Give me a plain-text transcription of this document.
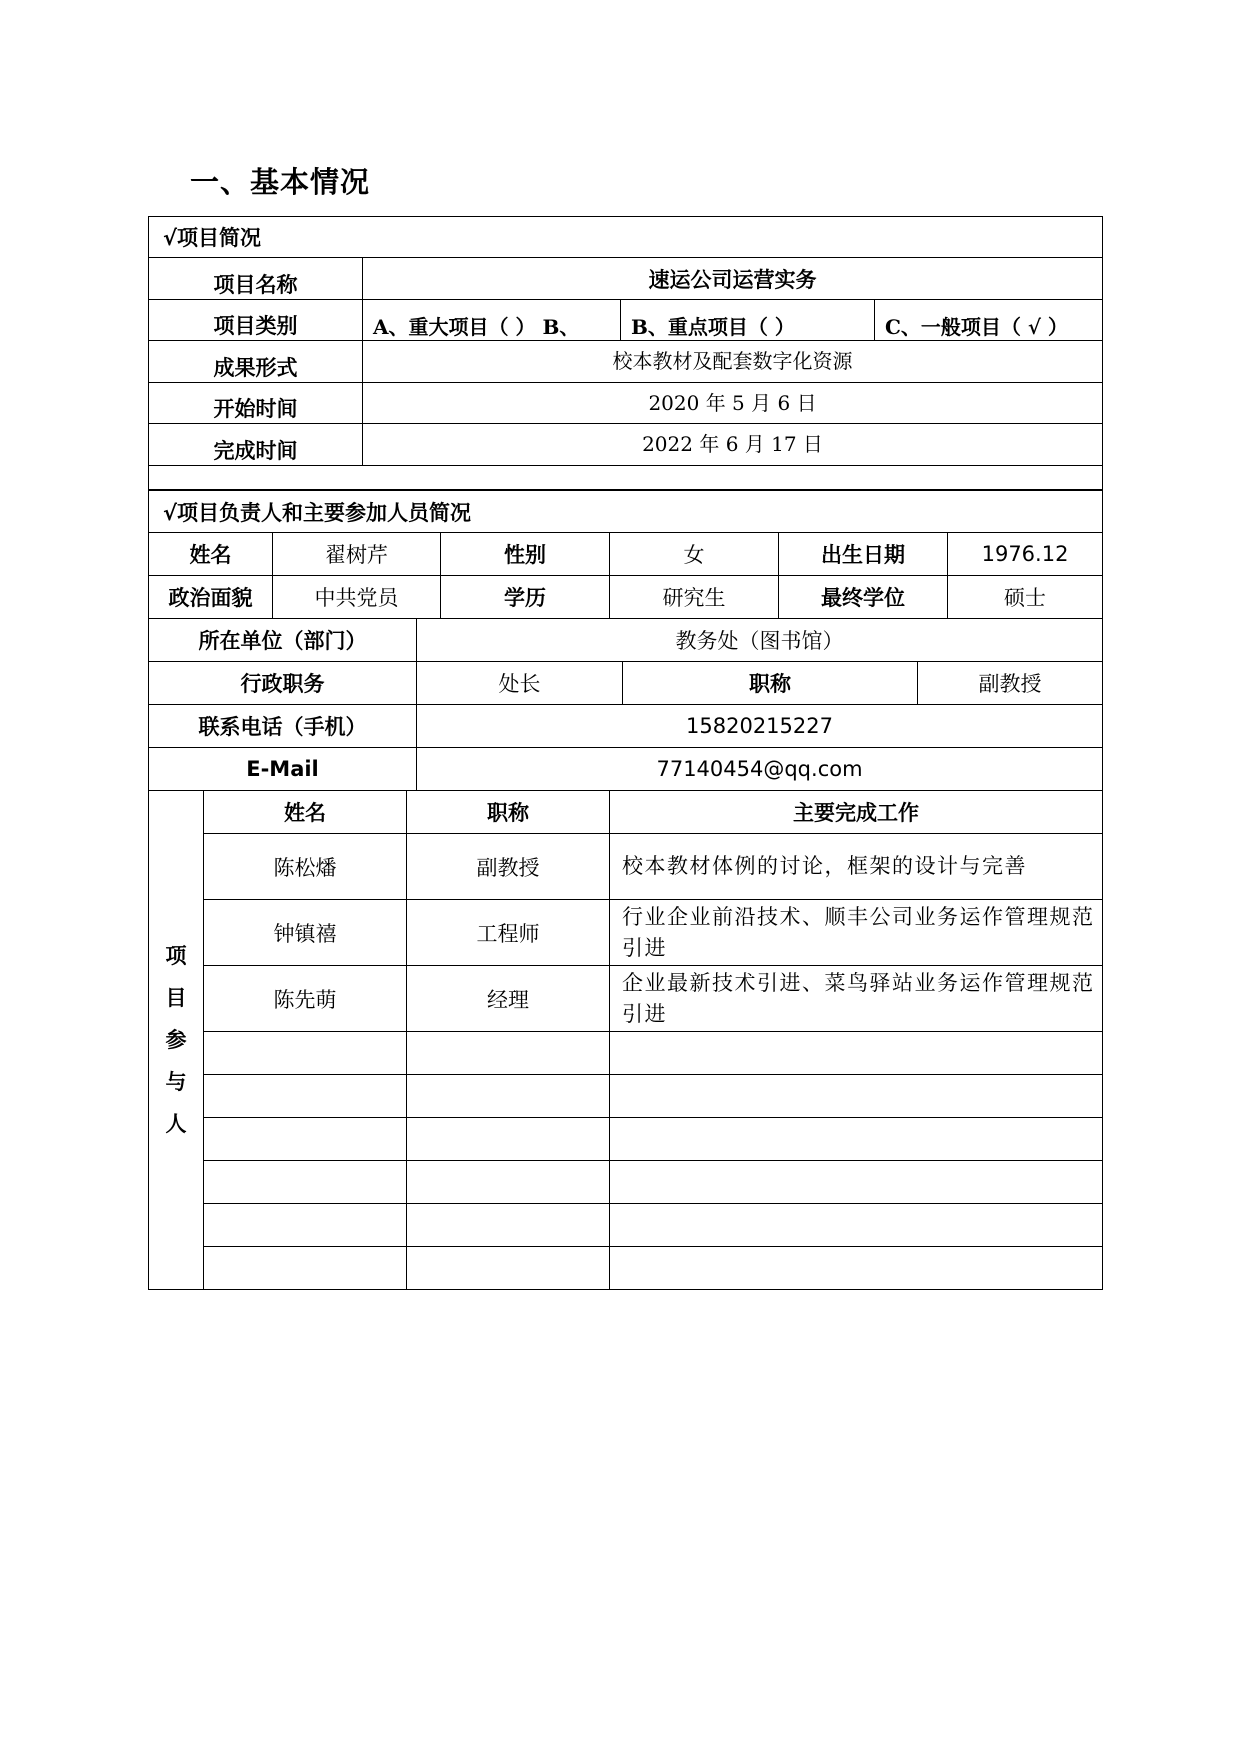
一、基本情况
√项目简况			
项目名称	速运公司运营实务		
项目类别	A、重大项目（ ） B、	B、重点项目（ ）	C、一般项目（ √ ）
成果形式	校本教材及配套数字化资源		
开始时间	2020 年 5 月 6 日		
完成时间	2022 年 6 月 17 日		

√项目负责人和主要参加人员简况					
姓名	翟树芹	性别	女	出生日期	1976.12
政治面貌	中共党员	学历	研究生	最终学位	硕士
所在单位（部门）	教务处（图书馆）		
行政职务	处长	职称	副教授
联系电话（手机）	15820215227		
E-Mail	77140454@qq.com		
项
目
参
与
人	姓名	职称	主要完成工作
	陈松燔	副教授	校本教材体例的讨论，框架的设计与完善
	钟镇禧	工程师	行业企业前沿技术、顺丰公司业务运作管理规范引进
	陈先萌	经理	企业最新技术引进、菜鸟驿站业务运作管理规范引进
